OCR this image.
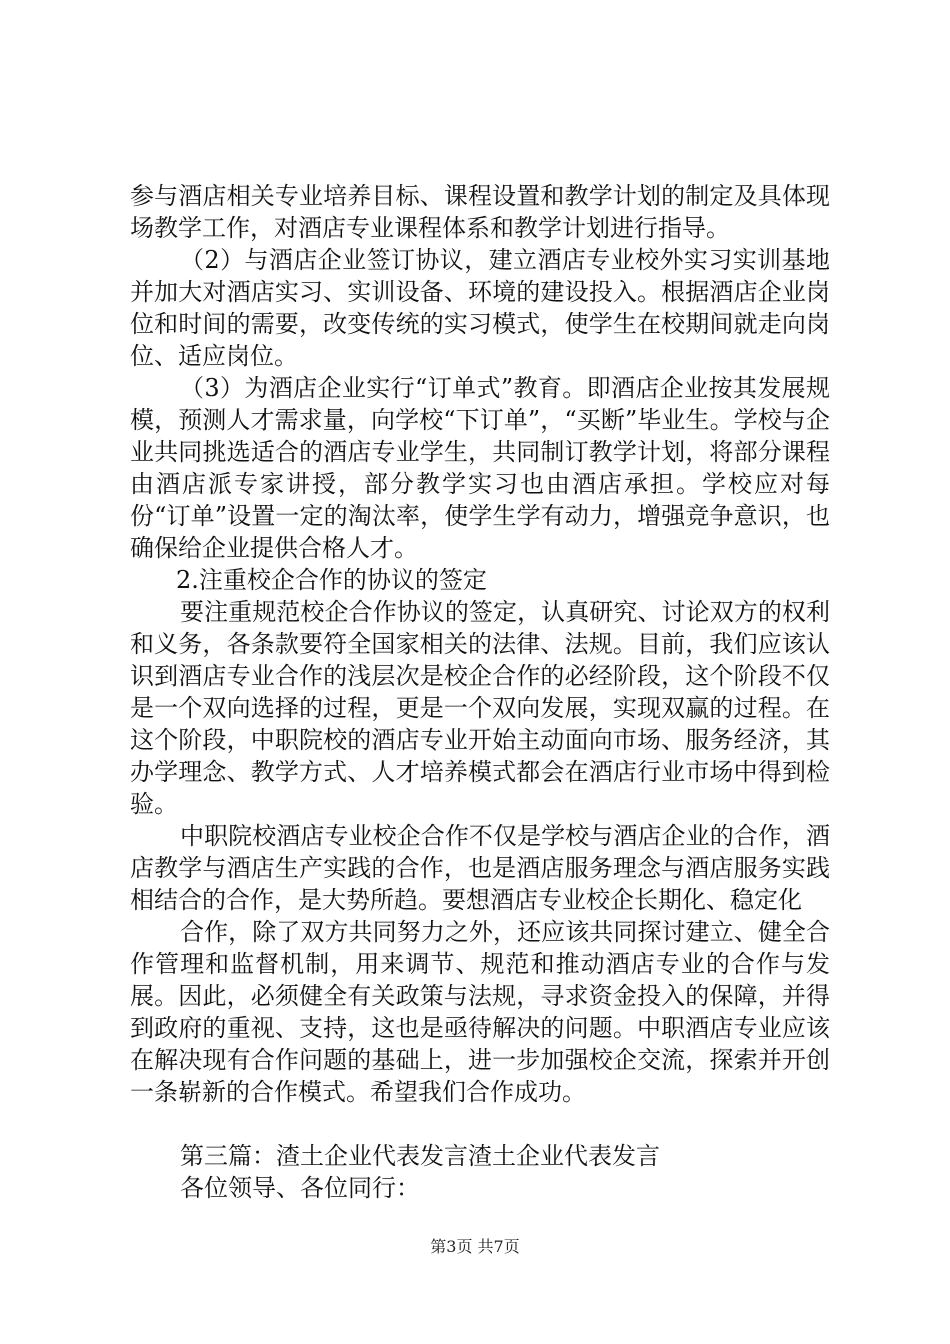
参与酒店相关专业培养目标、课程设置和教学计划的制定及具体现场教学工作，对酒店专业课程体系和教学计划进行指导。

（2）与酒店企业签订协议，建立酒店专业校外实习实训基地并加大对酒店实习、实训设备、环境的建设投入。根据酒店企业岗位和时间的需要，改变传统的实习模式，使学生在校期间就走向岗位、适应岗位。

（3）为酒店企业实行“订单式”教育。即酒店企业按其发展规模，预测人才需求量，向学校“下订单”，“买断”毕业生。学校与企业共同挑选适合的酒店专业学生，共同制订教学计划，将部分课程由酒店派专家讲授，部分教学实习也由酒店承担。学校应对每份“订单”设置一定的淘汰率，使学生学有动力，增强竞争意识，也确保给企业提供合格人才。

2.注重校企合作的协议的签定

要注重规范校企合作协议的签定，认真研究、讨论双方的权利和义务，各条款要符全国家相关的法律、法规。目前，我们应该认识到酒店专业合作的浅层次是校企合作的必经阶段，这个阶段不仅是一个双向选择的过程，更是一个双向发展，实现双赢的过程。在这个阶段，中职院校的酒店专业开始主动面向市场、服务经济，其办学理念、教学方式、人才培养模式都会在酒店行业市场中得到检验。

中职院校酒店专业校企合作不仅是学校与酒店企业的合作，酒店教学与酒店生产实践的合作，也是酒店服务理念与酒店服务实践相结合的合作，是大势所趋。要想酒店专业校企长期化、稳定化

合作，除了双方共同努力之外，还应该共同探讨建立、健全合作管理和监督机制，用来调节、规范和推动酒店专业的合作与发展。因此，必须健全有关政策与法规，寻求资金投入的保障，并得到政府的重视、支持，这也是亟待解决的问题。中职酒店专业应该在解决现有合作问题的基础上，进一步加强校企交流，探索并开创一条崭新的合作模式。希望我们合作成功。

第三篇：渣土企业代表发言渣土企业代表发言

各位领导、各位同行：

第3页 共7页
